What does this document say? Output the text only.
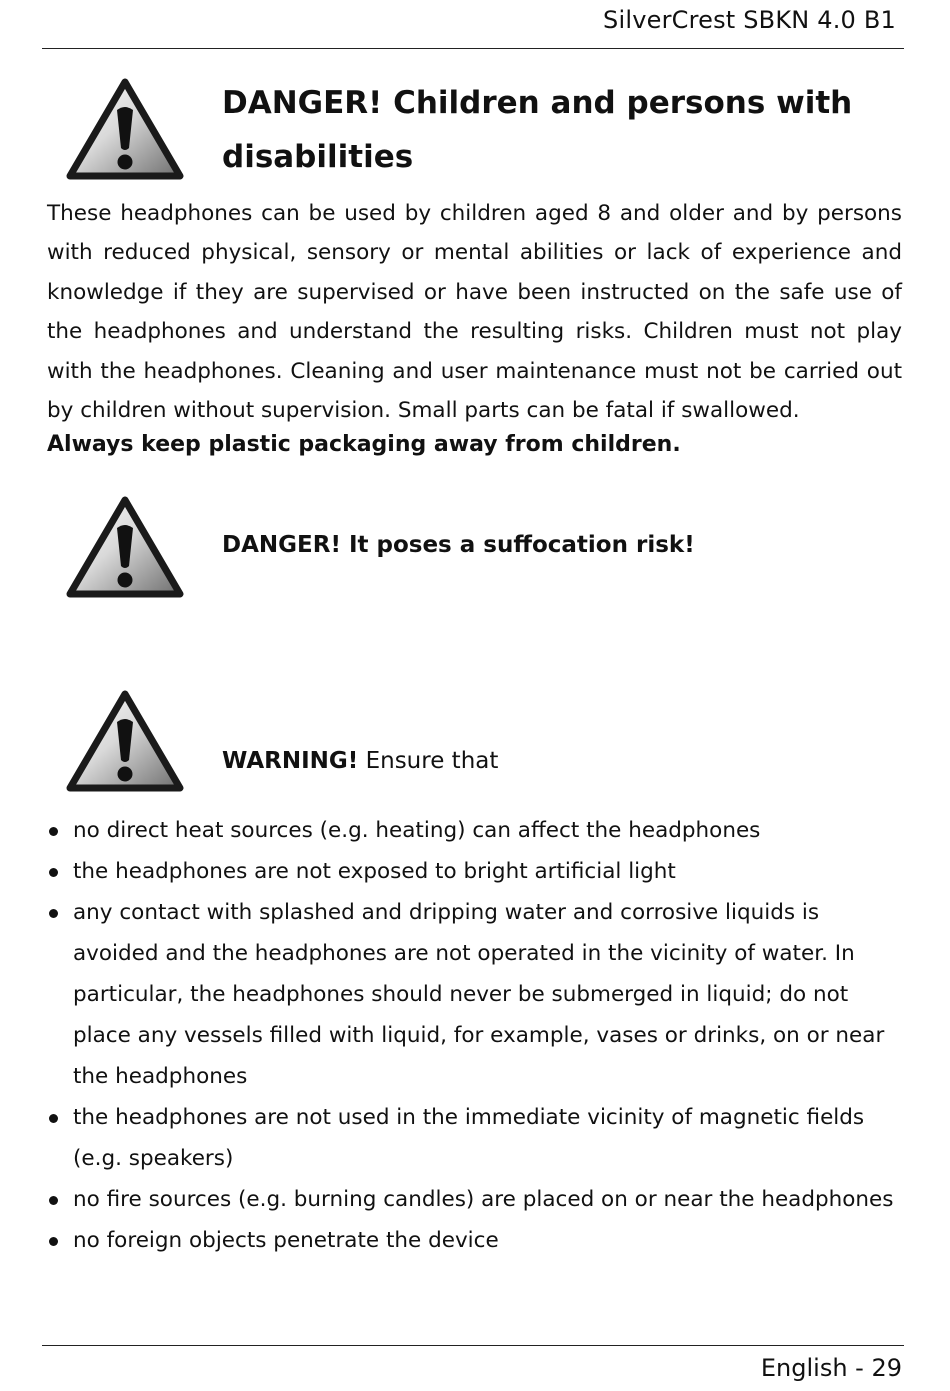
SilverCrest SBKN 4.0 B1
DANGER! Children and persons with disabilities
These headphones can be used by children aged 8 and older and by persons with reduced physical, sensory or mental abilities or lack of experience and knowledge if they are supervised or have been instructed on the safe use of the headphones and understand the resulting risks. Children must not play with the headphones. Cleaning and user maintenance must not be carried out by children without supervision. Small parts can be fatal if swallowed.
Always keep plastic packaging away from children.
DANGER! It poses a suffocation risk!
WARNING! Ensure that
no direct heat sources (e.g. heating) can affect the headphones
the headphones are not exposed to bright artificial light
any contact with splashed and dripping water and corrosive liquids is avoided and the headphones are not operated in the vicinity of water. In particular, the headphones should never be submerged in liquid; do not place any vessels filled with liquid, for example, vases or drinks, on or near the headphones
the headphones are not used in the immediate vicinity of magnetic fields (e.g. speakers)
no fire sources (e.g. burning candles) are placed on or near the headphones
no foreign objects penetrate the device
English - 29
